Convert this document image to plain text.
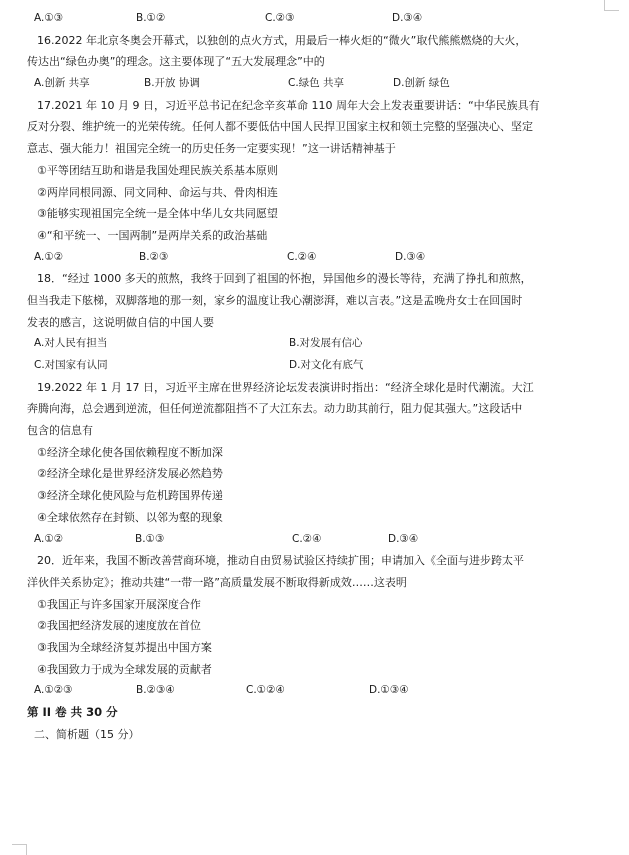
A.①③	B.①②	C.②③	D.③④
16.2022 年北京冬奥会开幕式，以独创的点火方式，用最后一棒火炬的“微火”取代熊熊燃烧的大火，
传达出“绿色办奥”的理念。这主要体现了“五大发展理念”中的
A.创新 共享	B.开放 协调	C.绿色 共享	D.创新 绿色
17.2021 年 10 月 9 日，习近平总书记在纪念辛亥革命 110 周年大会上发表重要讲话：“中华民族具有
反对分裂、维护统一的光荣传统。任何人都不要低估中国人民捍卫国家主权和领土完整的坚强决心、坚定
意志、强大能力！祖国完全统一的历史任务一定要实现！”这一讲话精神基于
①平等团结互助和谐是我国处理民族关系基本原则
②两岸同根同源、同文同种、命运与共、骨肉相连
③能够实现祖国完全统一是全体中华儿女共同愿望
④“和平统一、一国两制”是两岸关系的政治基础
A.①②	B.②③	C.②④	D.③④
18．“经过 1000 多天的煎熬，我终于回到了祖国的怀抱，异国他乡的漫长等待，充满了挣扎和煎熬，
但当我走下舷梯，双脚落地的那一刻，家乡的温度让我心潮澎湃，难以言表。”这是孟晚舟女士在回国时
发表的感言，这说明做自信的中国人要
A.对人民有担当	B.对发展有信心
C.对国家有认同	D.对文化有底气
19.2022 年 1 月 17 日，习近平主席在世界经济论坛发表演讲时指出：“经济全球化是时代潮流。大江
奔腾向海，总会遇到逆流，但任何逆流都阻挡不了大江东去。动力助其前行，阻力促其强大。”这段话中
包含的信息有
①经济全球化使各国依赖程度不断加深
②经济全球化是世界经济发展必然趋势
③经济全球化使风险与危机跨国界传递
④全球依然存在封锁、以邻为壑的现象
A.①②	B.①③	C.②④	D.③④
20．近年来，我国不断改善营商环境，推动自由贸易试验区持续扩围；申请加入《全面与进步跨太平
洋伙伴关系协定》；推动共建“一带一路”高质量发展不断取得新成效……这表明
①我国正与许多国家开展深度合作
②我国把经济发展的速度放在首位
③我国为全球经济复苏提出中国方案
④我国致力于成为全球发展的贡献者
A.①②③	B.②③④	C.①②④	D.①③④
第 II 卷 共 30 分
二、简析题（15 分）
